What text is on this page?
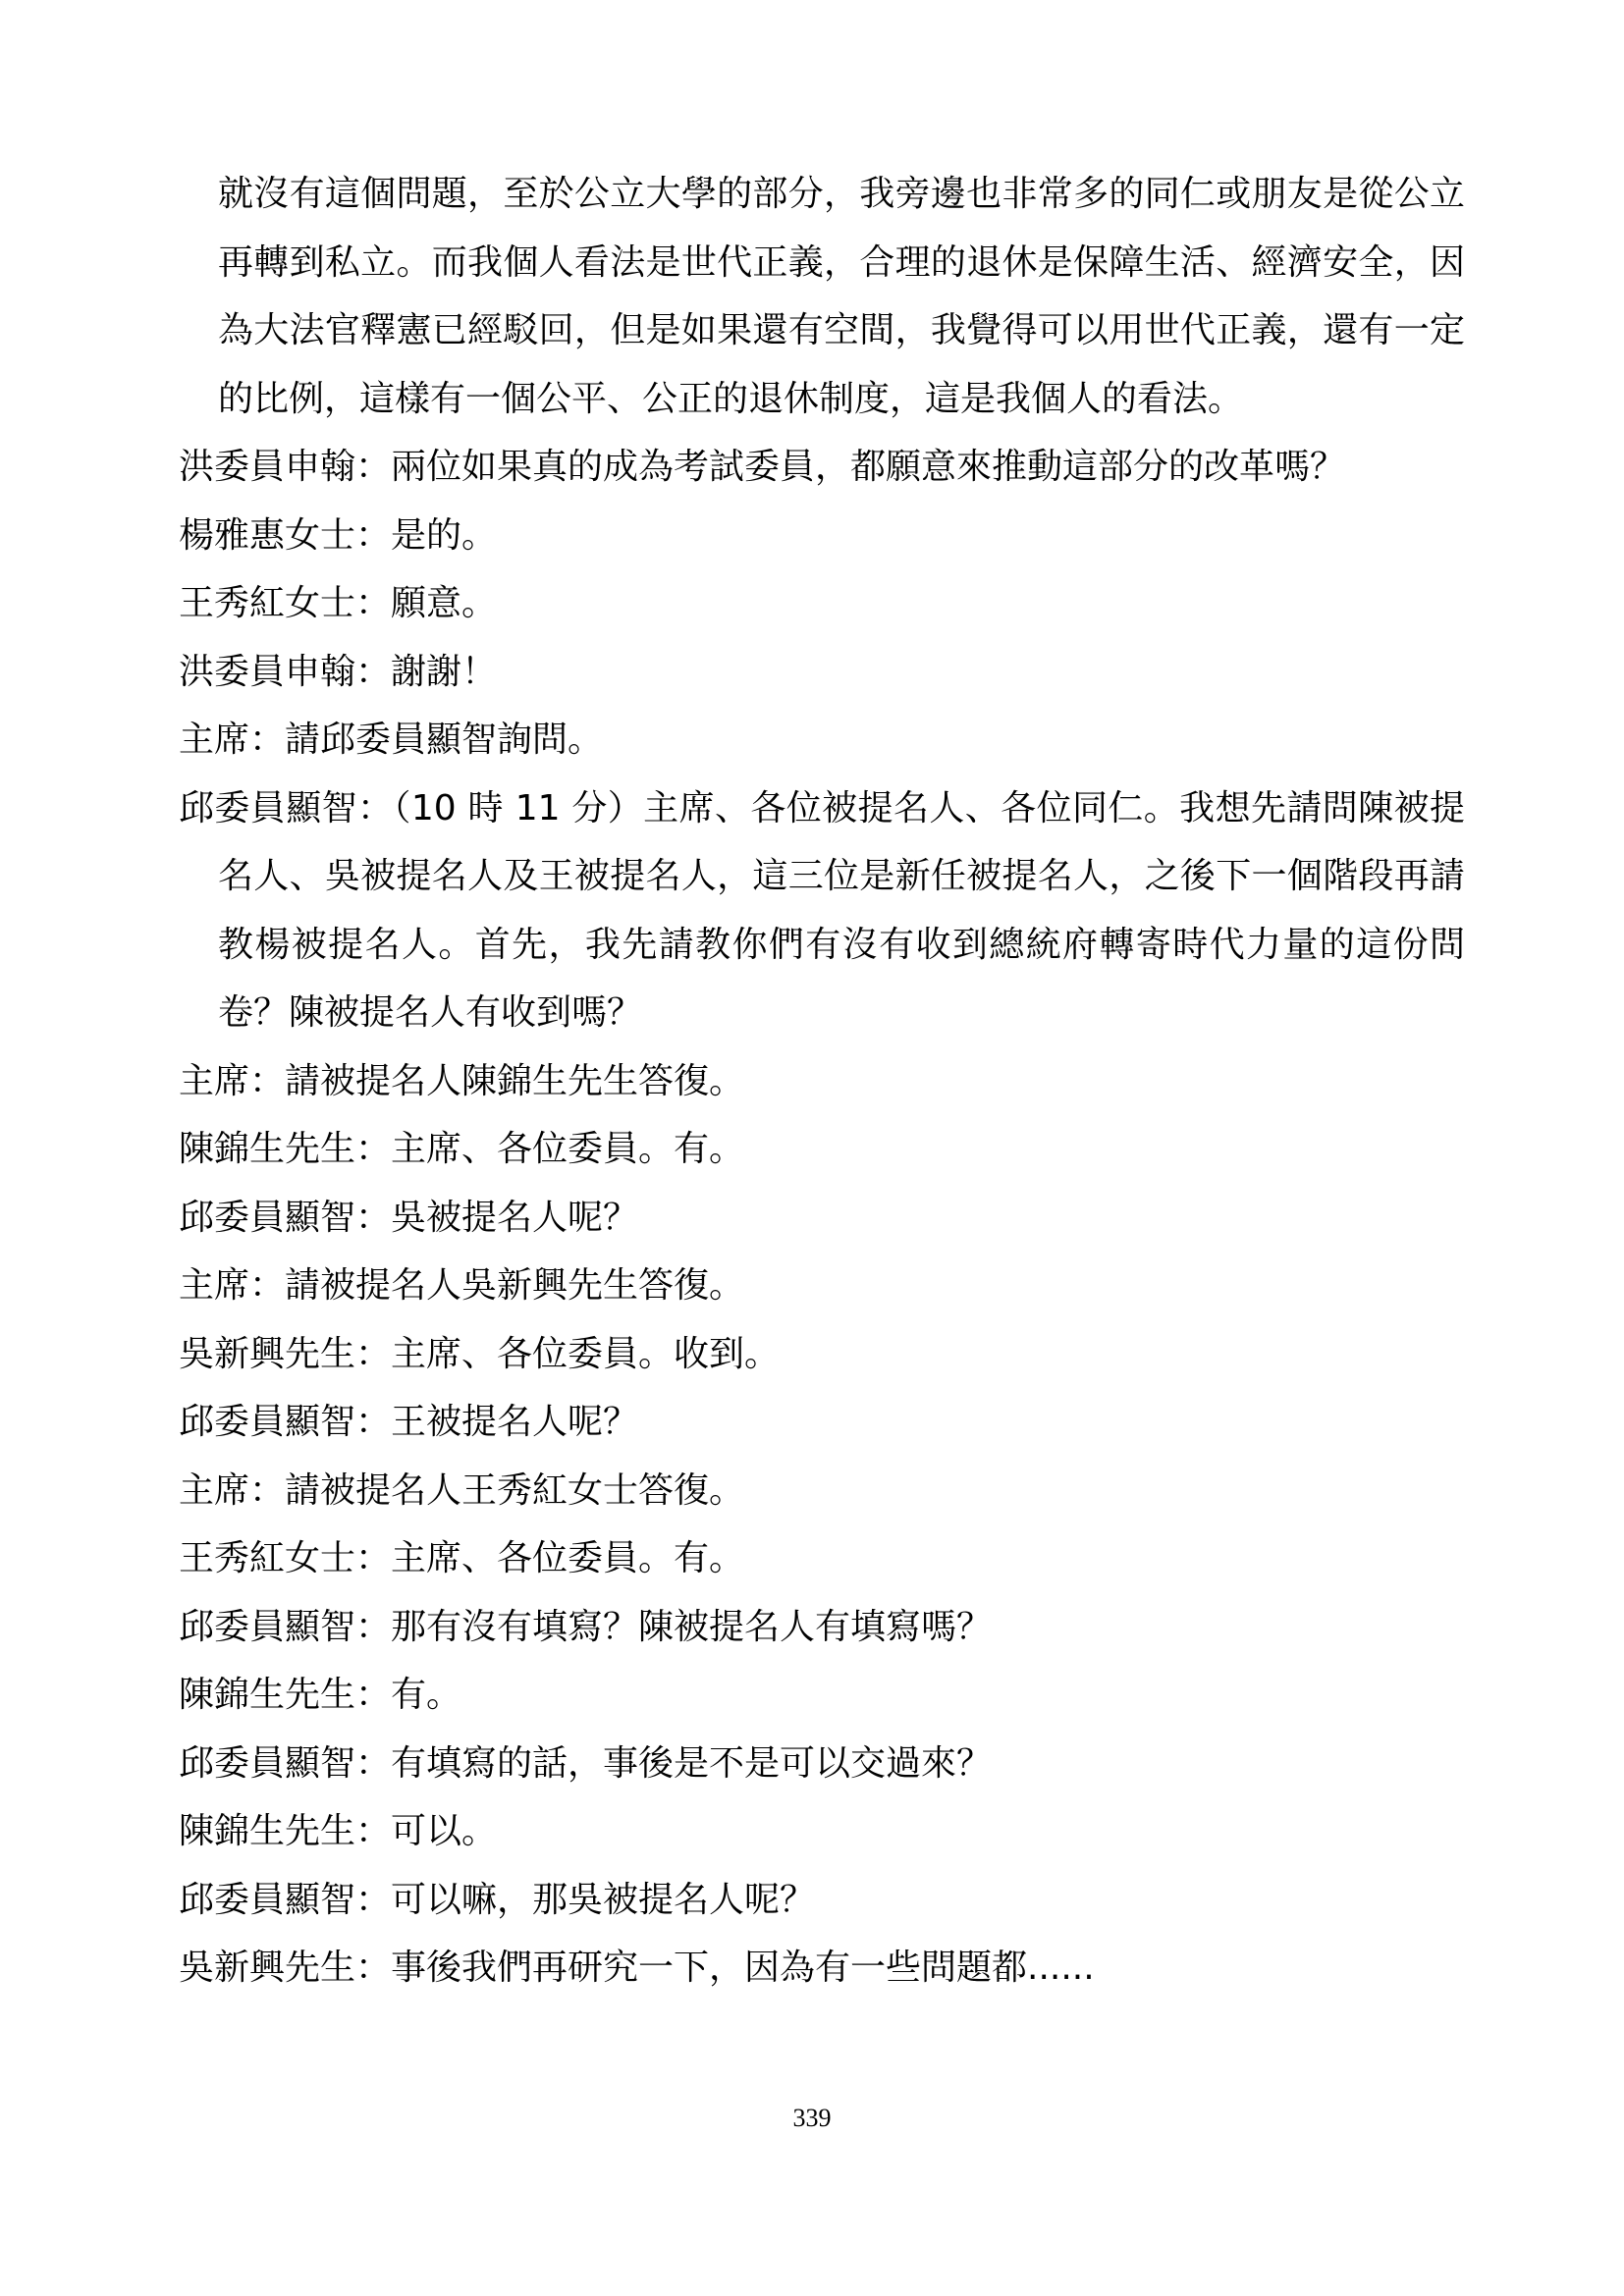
就沒有這個問題，至於公立大學的部分，我旁邊也非常多的同仁或朋友是從公立再轉到私立。而我個人看法是世代正義，合理的退休是保障生活、經濟安全，因為大法官釋憲已經駁回，但是如果還有空間，我覺得可以用世代正義，還有一定的比例，這樣有一個公平、公正的退休制度，這是我個人的看法。

洪委員申翰：兩位如果真的成為考試委員，都願意來推動這部分的改革嗎？

楊雅惠女士：是的。

王秀紅女士：願意。

洪委員申翰：謝謝！

主席：請邱委員顯智詢問。

邱委員顯智：（10 時 11 分）主席、各位被提名人、各位同仁。我想先請問陳被提名人、吳被提名人及王被提名人，這三位是新任被提名人，之後下一個階段再請教楊被提名人。首先，我先請教你們有沒有收到總統府轉寄時代力量的這份問卷？陳被提名人有收到嗎？

主席：請被提名人陳錦生先生答復。

陳錦生先生：主席、各位委員。有。

邱委員顯智：吳被提名人呢？

主席：請被提名人吳新興先生答復。

吳新興先生：主席、各位委員。收到。

邱委員顯智：王被提名人呢？

主席：請被提名人王秀紅女士答復。

王秀紅女士：主席、各位委員。有。

邱委員顯智：那有沒有填寫？陳被提名人有填寫嗎？

陳錦生先生：有。

邱委員顯智：有填寫的話，事後是不是可以交過來？

陳錦生先生：可以。

邱委員顯智：可以嘛，那吳被提名人呢？

吳新興先生：事後我們再研究一下，因為有一些問題都......

339
